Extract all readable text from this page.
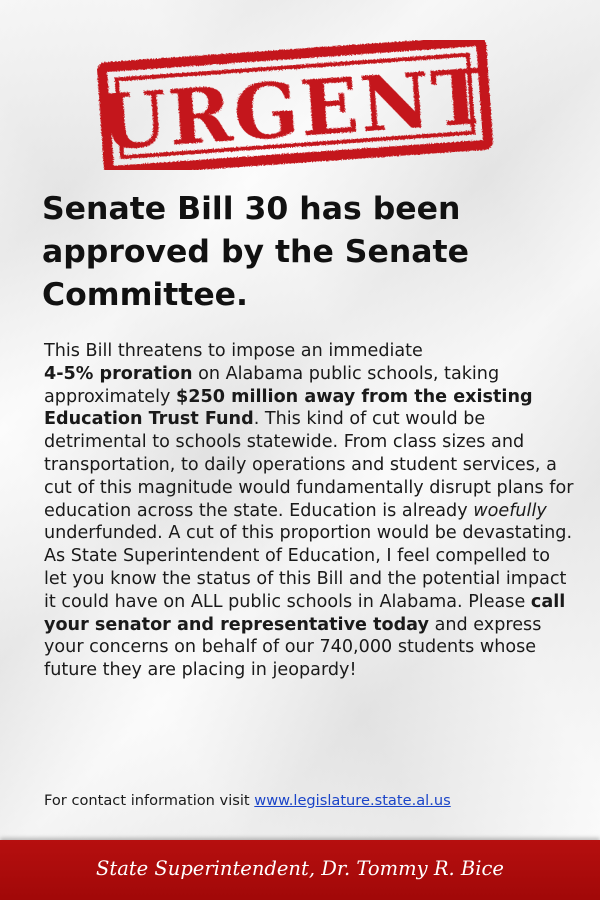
URGENT
Senate Bill 30 has been approved by the Senate Committee.

This Bill threatens to impose an immediate
4-5% proration on Alabama public schools, taking approximately $250 million away from the existing Education Trust Fund. This kind of cut would be detrimental to schools statewide. From class sizes and transportation, to daily operations and student services, a cut of this magnitude would fundamentally disrupt plans for education across the state. Education is already woefully underfunded. A cut of this proportion would be devastating. As State Superintendent of Education, I feel compelled to let you know the status of this Bill and the potential impact it could have on ALL public schools in Alabama. Please call your senator and representative today and express your concerns on behalf of our 740,000 students whose future they are placing in jeopardy!

For contact information visit www.legislature.state.al.us

State Superintendent, Dr. Tommy R. Bice
